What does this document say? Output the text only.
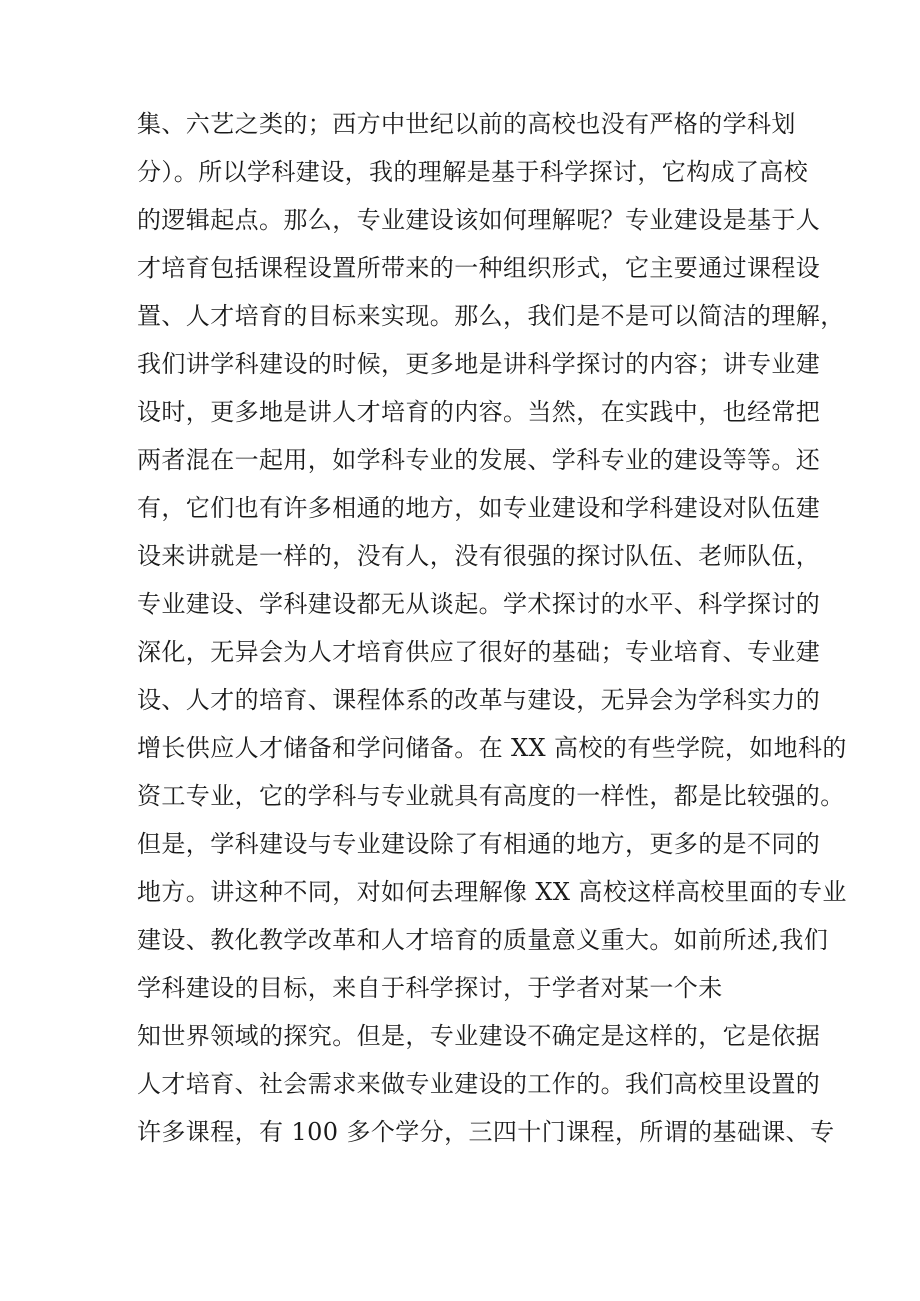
集、六艺之类的；西方中世纪以前的高校也没有严格的学科划
分）。所以学科建设，我的理解是基于科学探讨，它构成了高校
的逻辑起点。那么，专业建设该如何理解呢？专业建设是基于人
才培育包括课程设置所带来的一种组织形式，它主要通过课程设
置、人才培育的目标来实现。那么，我们是不是可以简洁的理解，
我们讲学科建设的时候，更多地是讲科学探讨的内容；讲专业建
设时，更多地是讲人才培育的内容。当然，在实践中，也经常把
两者混在一起用，如学科专业的发展、学科专业的建设等等。还
有，它们也有许多相通的地方，如专业建设和学科建设对队伍建
设来讲就是一样的，没有人，没有很强的探讨队伍、老师队伍，
专业建设、学科建设都无从谈起。学术探讨的水平、科学探讨的
深化，无异会为人才培育供应了很好的基础；专业培育、专业建
设、人才的培育、课程体系的改革与建设，无异会为学科实力的
增长供应人才储备和学问储备。在 XX 高校的有些学院，如地科的
资工专业，它的学科与专业就具有高度的一样性，都是比较强的。
但是，学科建设与专业建设除了有相通的地方，更多的是不同的
地方。讲这种不同，对如何去理解像 XX 高校这样高校里面的专业
建设、教化教学改革和人才培育的质量意义重大。如前所述,我们
学科建设的目标，来自于科学探讨，于学者对某一个未
知世界领域的探究。但是，专业建设不确定是这样的，它是依据
人才培育、社会需求来做专业建设的工作的。我们高校里设置的
许多课程，有 100 多个学分，三四十门课程，所谓的基础课、专
